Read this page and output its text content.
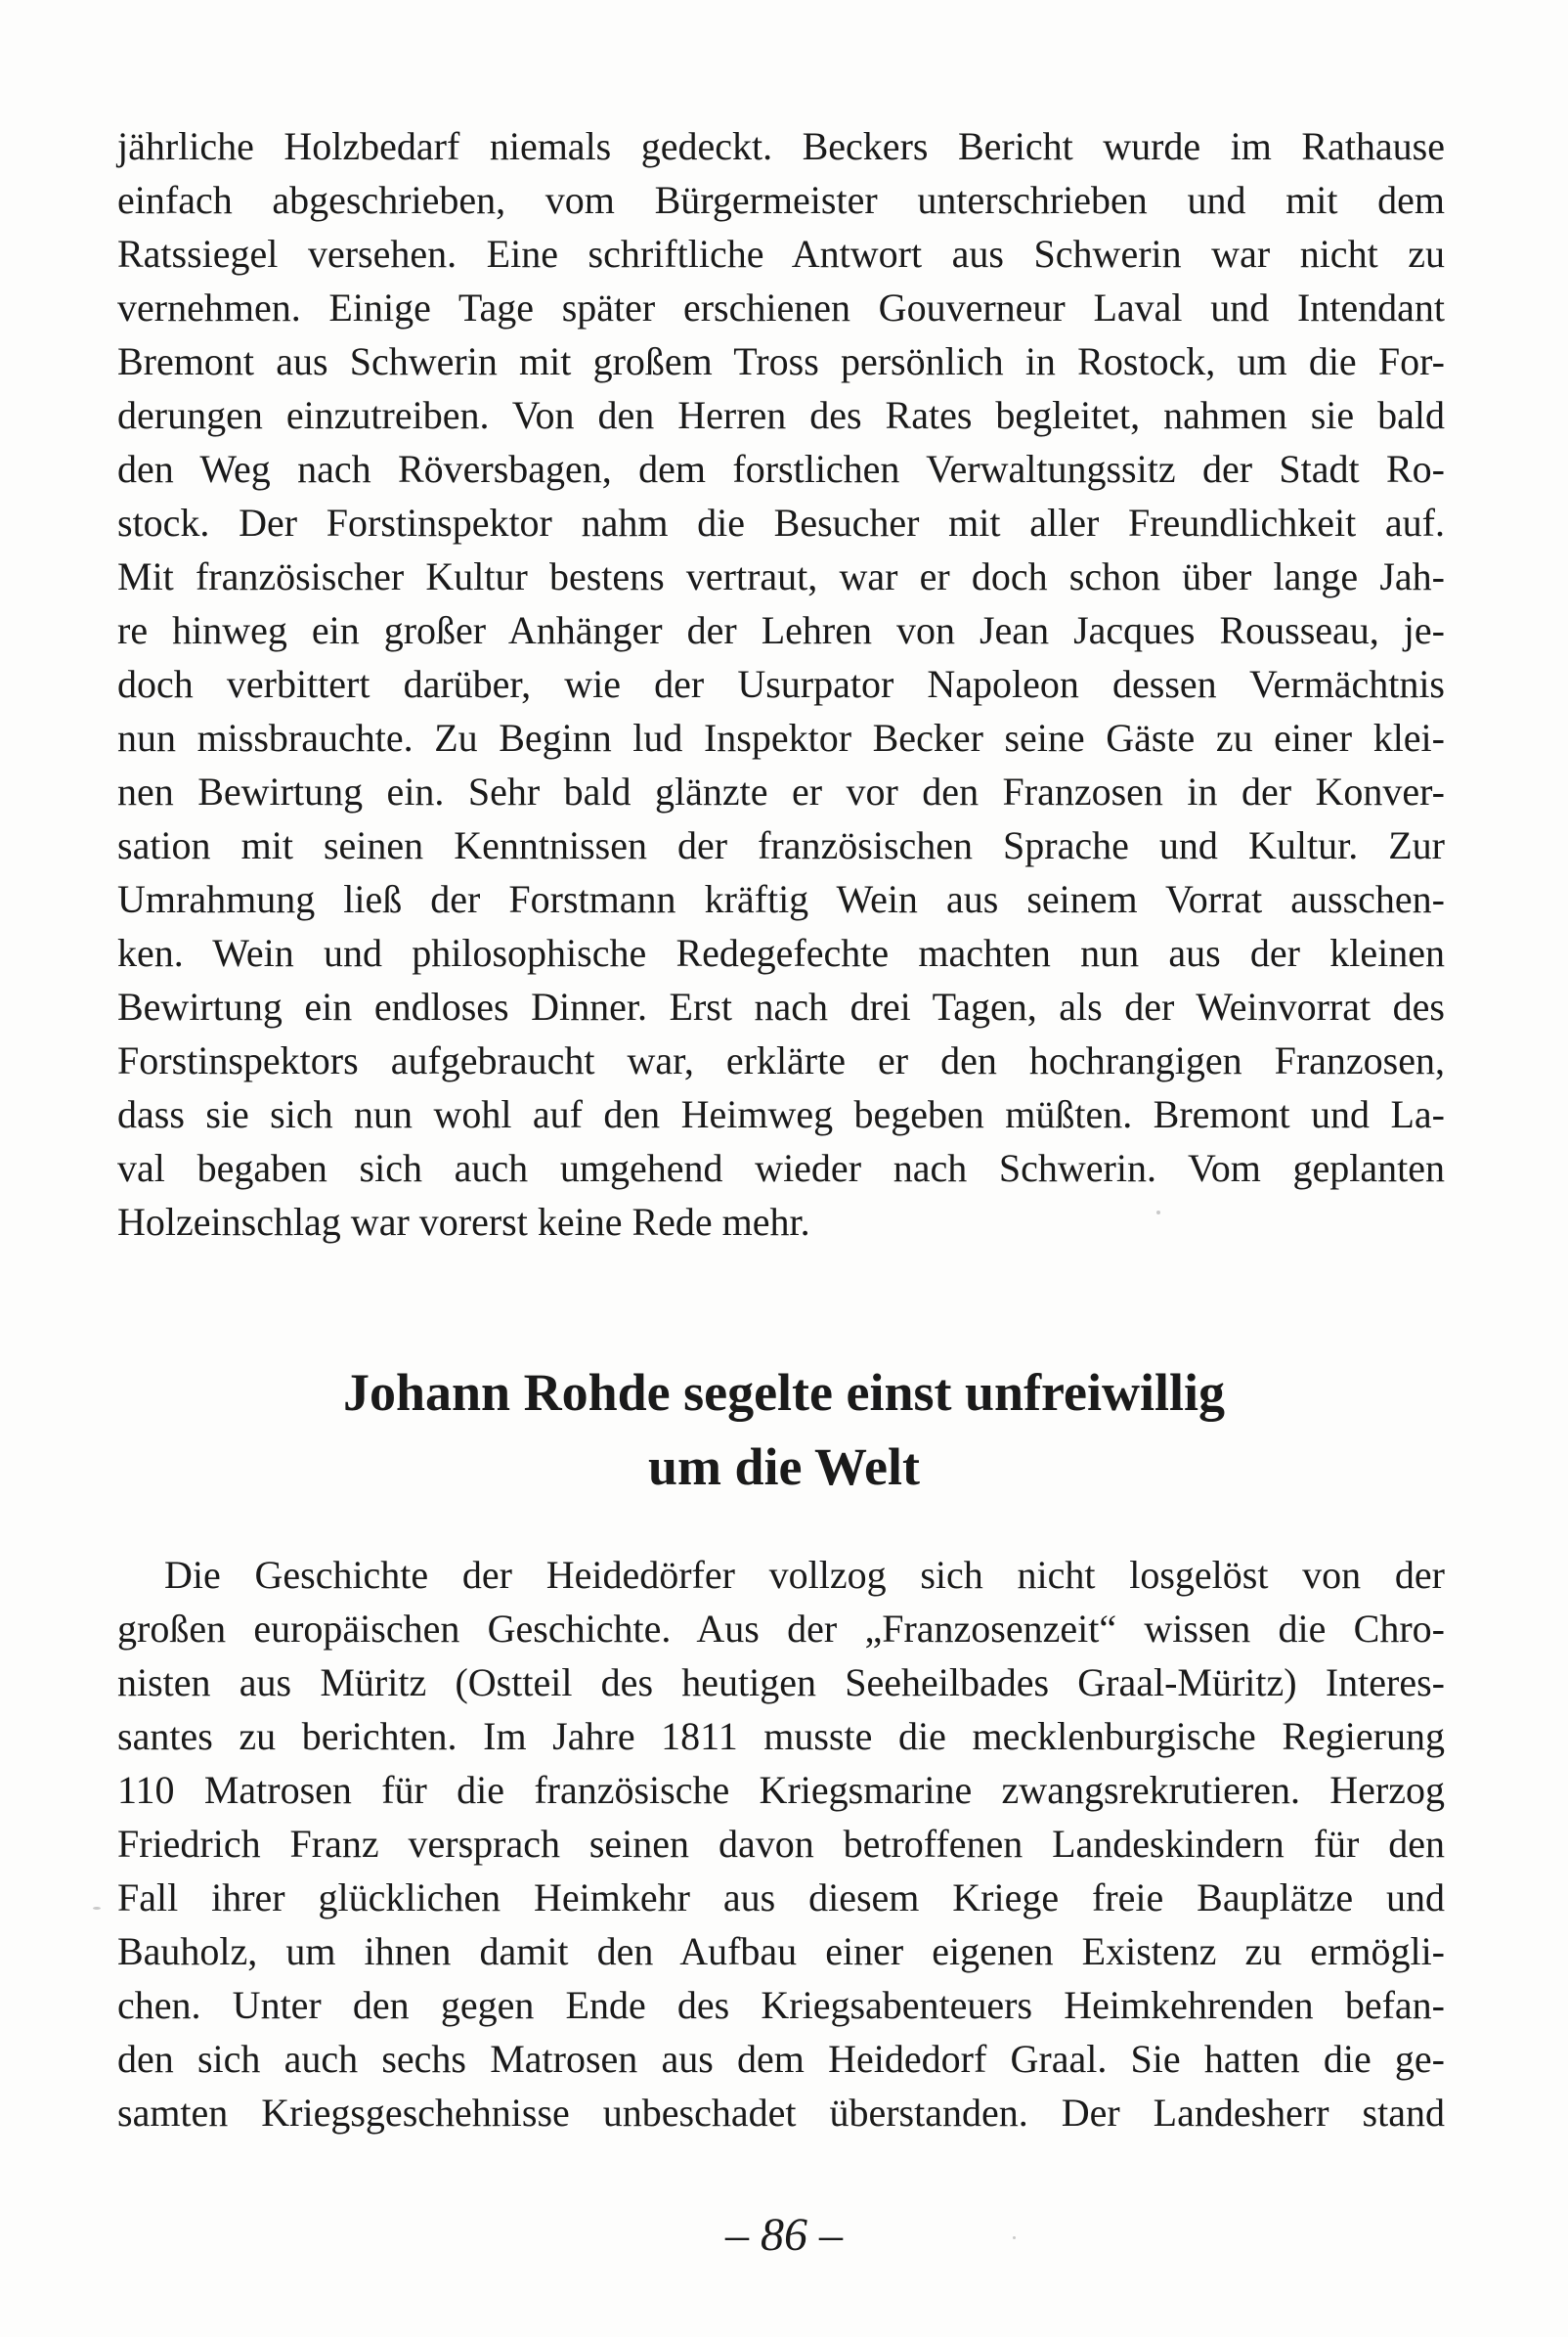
jährliche Holzbedarf niemals gedeckt. Beckers Bericht wurde im Rathause
einfach abgeschrieben, vom Bürgermeister unterschrieben und mit dem
Ratssiegel versehen. Eine schriftliche Antwort aus Schwerin war nicht zu
vernehmen. Einige Tage später erschienen Gouverneur Laval und Intendant
Bremont aus Schwerin mit großem Tross persönlich in Rostock, um die For-
derungen einzutreiben. Von den Herren des Rates begleitet, nahmen sie bald
den Weg nach Röversbagen, dem forstlichen Verwaltungssitz der Stadt Ro-
stock. Der Forstinspektor nahm die Besucher mit aller Freundlichkeit auf.
Mit französischer Kultur bestens vertraut, war er doch schon über lange Jah-
re hinweg ein großer Anhänger der Lehren von Jean Jacques Rousseau, je-
doch verbittert darüber, wie der Usurpator Napoleon dessen Vermächtnis
nun missbrauchte. Zu Beginn lud Inspektor Becker seine Gäste zu einer klei-
nen Bewirtung ein. Sehr bald glänzte er vor den Franzosen in der Konver-
sation mit seinen Kenntnissen der französischen Sprache und Kultur. Zur
Umrahmung ließ der Forstmann kräftig Wein aus seinem Vorrat ausschen-
ken. Wein und philosophische Redegefechte machten nun aus der kleinen
Bewirtung ein endloses Dinner. Erst nach drei Tagen, als der Weinvorrat des
Forstinspektors aufgebraucht war, erklärte er den hochrangigen Franzosen,
dass sie sich nun wohl auf den Heimweg begeben müßten. Bremont und La-
val begaben sich auch umgehend wieder nach Schwerin. Vom geplanten
Holzeinschlag war vorerst keine Rede mehr.
Johann Rohde segelte einst unfreiwillig
um die Welt
Die Geschichte der Heidedörfer vollzog sich nicht losgelöst von der
großen europäischen Geschichte. Aus der „Franzosenzeit“ wissen die Chro-
nisten aus Müritz (Ostteil des heutigen Seeheilbades Graal-Müritz) Interes-
santes zu berichten. Im Jahre 1811 musste die mecklenburgische Regierung
110 Matrosen für die französische Kriegsmarine zwangsrekrutieren. Herzog
Friedrich Franz versprach seinen davon betroffenen Landeskindern für den
Fall ihrer glücklichen Heimkehr aus diesem Kriege freie Bauplätze und
Bauholz, um ihnen damit den Aufbau einer eigenen Existenz zu ermögli-
chen. Unter den gegen Ende des Kriegsabenteuers Heimkehrenden befan-
den sich auch sechs Matrosen aus dem Heidedorf Graal. Sie hatten die ge-
samten Kriegsgeschehnisse unbeschadet überstanden. Der Landesherr stand
– 86 –
